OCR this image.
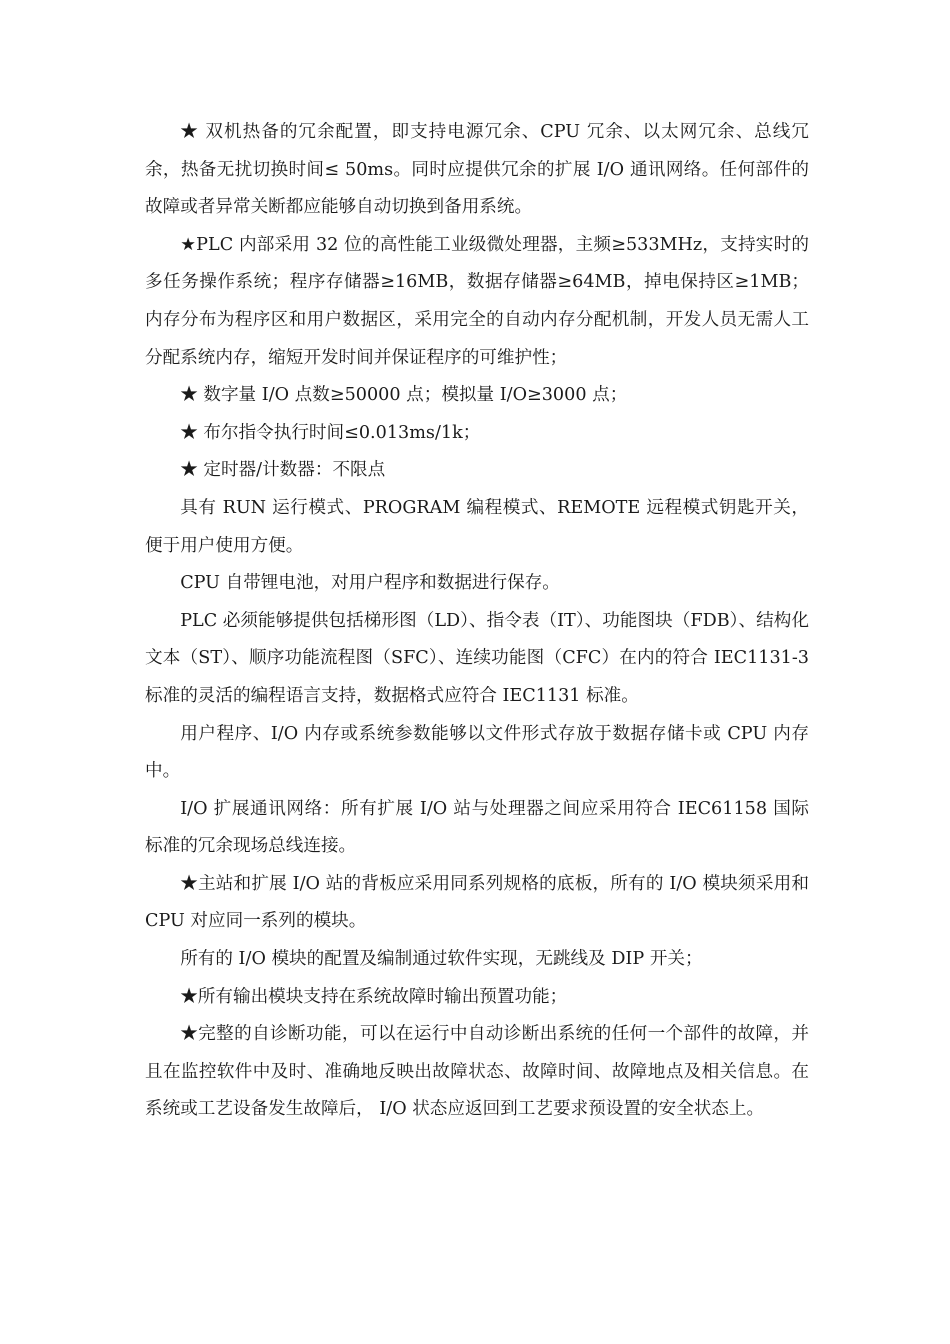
★ 双机热备的冗余配置，即支持电源冗余、CPU 冗余、以太网冗余、总线冗余，热备无扰切换时间≤ 50ms。同时应提供冗余的扩展 I/O 通讯网络。任何部件的故障或者异常关断都应能够自动切换到备用系统。

★PLC 内部采用 32 位的高性能工业级微处理器，主频≥533MHz，支持实时的多任务操作系统；程序存储器≥16MB，数据存储器≥64MB，掉电保持区≥1MB；内存分布为程序区和用户数据区，采用完全的自动内存分配机制，开发人员无需人工分配系统内存，缩短开发时间并保证程序的可维护性；

★ 数字量 I/O 点数≥50000 点；模拟量 I/O≥3000 点；

★ 布尔指令执行时间≤0.013ms/1k；

★ 定时器/计数器：不限点

具有 RUN 运行模式、PROGRAM 编程模式、REMOTE 远程模式钥匙开关，便于用户使用方便。

CPU 自带锂电池，对用户程序和数据进行保存。

PLC 必须能够提供包括梯形图（LD）、指令表（IT）、功能图块（FDB）、结构化文本（ST）、顺序功能流程图（SFC）、连续功能图（CFC）在内的符合 IEC1131-3 标准的灵活的编程语言支持，数据格式应符合 IEC1131 标准。

用户程序、I/O 内存或系统参数能够以文件形式存放于数据存储卡或 CPU 内存中。

I/O 扩展通讯网络：所有扩展 I/O 站与处理器之间应采用符合 IEC61158 国际标准的冗余现场总线连接。

★主站和扩展 I/O 站的背板应采用同系列规格的底板，所有的 I/O 模块须采用和 CPU 对应同一系列的模块。

所有的 I/O 模块的配置及编制通过软件实现，无跳线及 DIP 开关；

★所有输出模块支持在系统故障时输出预置功能；

★完整的自诊断功能，可以在运行中自动诊断出系统的任何一个部件的故障，并且在监控软件中及时、准确地反映出故障状态、故障时间、故障地点及相关信息。在系统或工艺设备发生故障后， I/O 状态应返回到工艺要求预设置的安全状态上。
